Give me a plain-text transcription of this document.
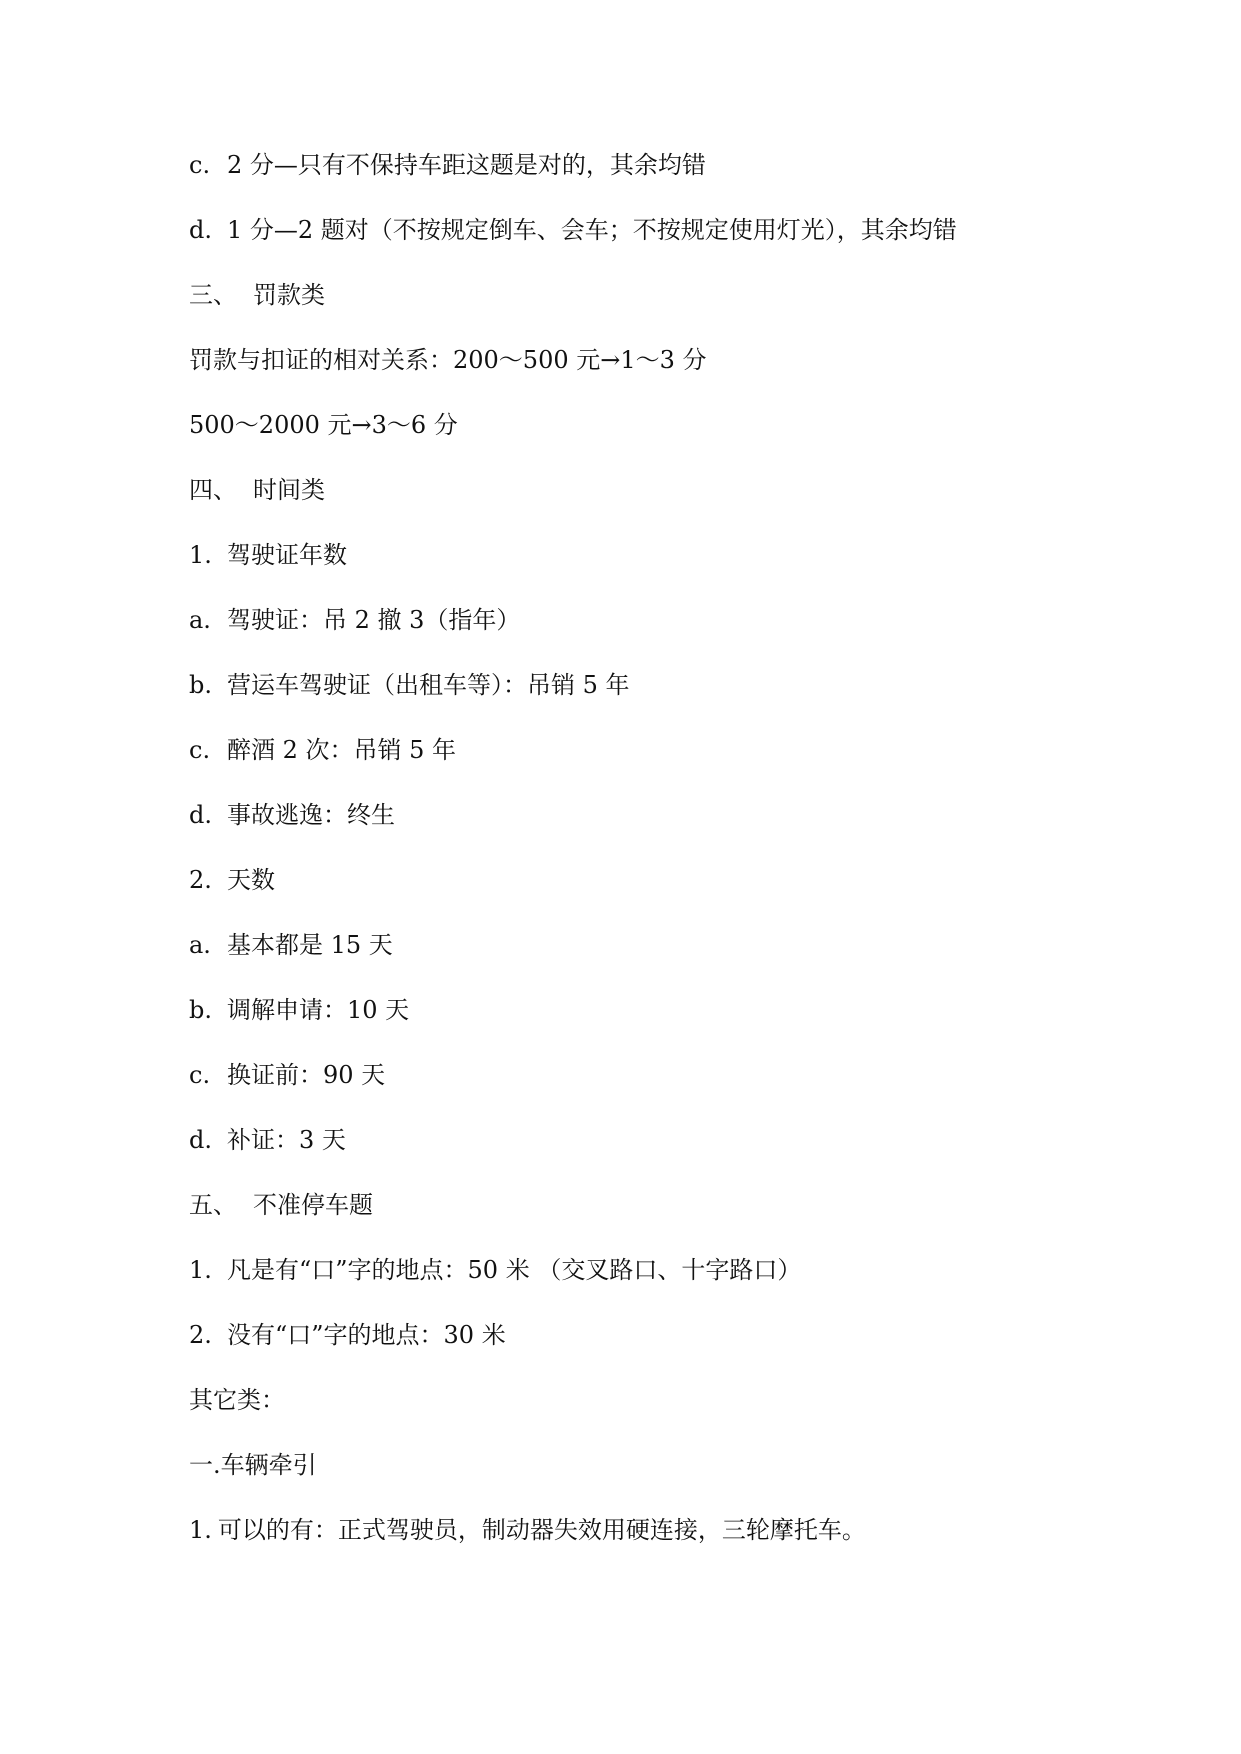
c. 2 分—只有不保持车距这题是对的，其余均错
d. 1 分—2 题对（不按规定倒车、会车；不按规定使用灯光），其余均错
三、 罚款类
罚款与扣证的相对关系：200～500 元→1～3 分
500～2000 元→3～6 分
四、 时间类
1. 驾驶证年数
a. 驾驶证：吊 2 撤 3（指年）
b. 营运车驾驶证（出租车等）：吊销 5 年
c. 醉酒 2 次：吊销 5 年
d. 事故逃逸：终生
2. 天数
a. 基本都是 15 天
b. 调解申请：10 天
c. 换证前：90 天
d. 补证：3 天
五、 不准停车题
1. 凡是有“口”字的地点：50 米 （交叉路口、十字路口）
2. 没有“口”字的地点：30 米
其它类：
一. 车辆牵引
1. 可以的有：正式驾驶员，制动器失效用硬连接，三轮摩托车。
